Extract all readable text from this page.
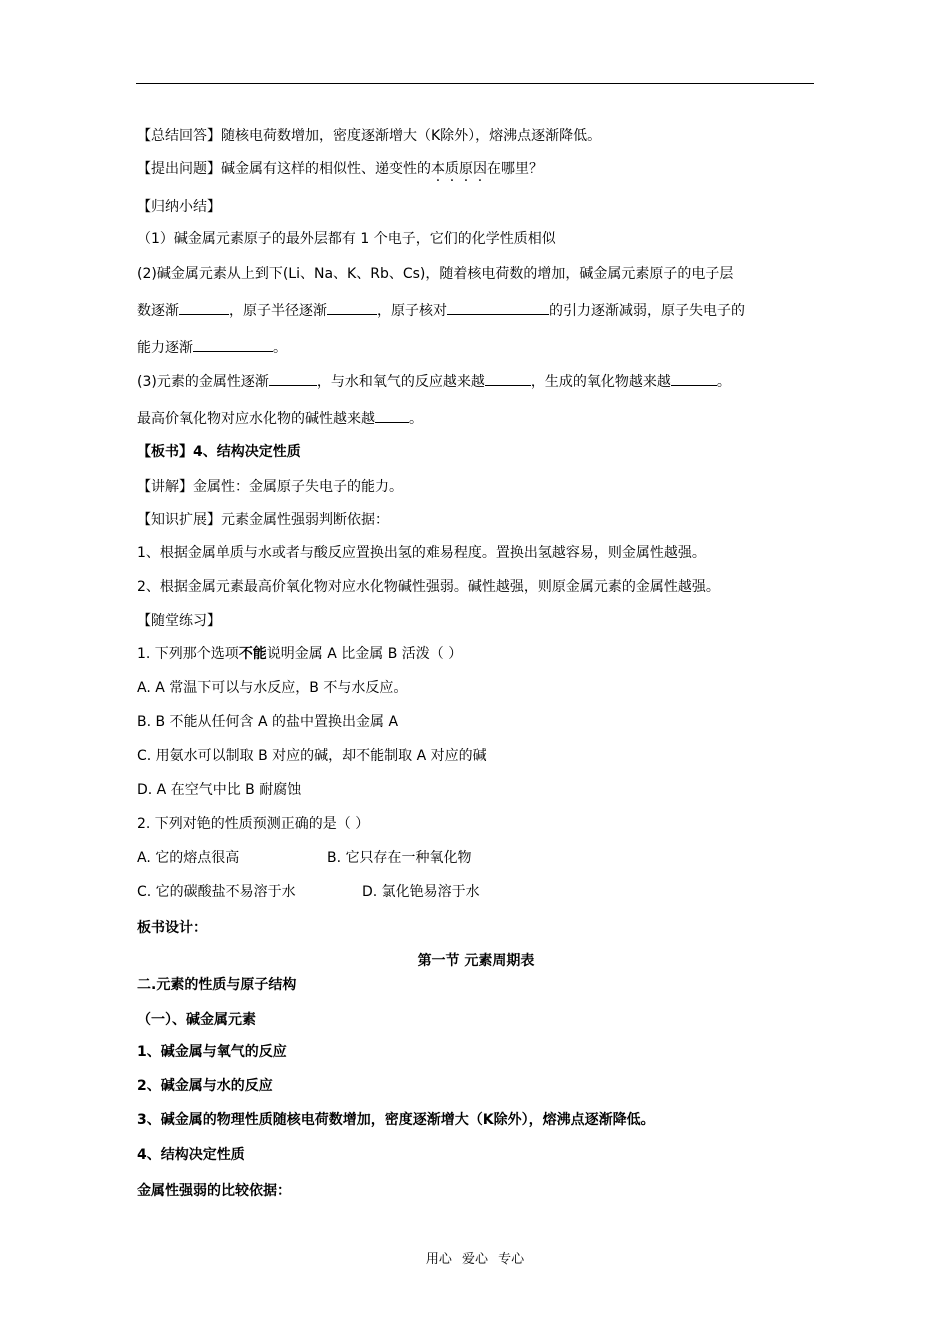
【总结回答】随核电荷数增加，密度逐渐增大（K除外），熔沸点逐渐降低。
【提出问题】碱金属有这样的相似性、递变性的本质原因在哪里？
【归纳小结】
（1）碱金属元素原子的最外层都有 1 个电子，它们的化学性质相似
(2)碱金属元素从上到下(Li、Na、K、Rb、Cs)，随着核电荷数的增加，碱金属元素原子的电子层
数逐渐	，原子半径逐渐	，原子核对	的引力逐渐减弱，原子失电子的
能力逐渐	。
(3)元素的金属性逐渐	，与水和氧气的反应越来越	，生成的氧化物越来越	。
最高价氧化物对应水化物的碱性越来越 。
【板书】4、结构决定性质
【讲解】金属性：金属原子失电子的能力。
【知识扩展】元素金属性强弱判断依据：
1、根据金属单质与水或者与酸反应置换出氢的难易程度。置换出氢越容易，则金属性越强。
2、根据金属元素最高价氧化物对应水化物碱性强弱。碱性越强，则原金属元素的金属性越强。
【随堂练习】
1. 下列那个选项不能说明金属 A 比金属 B 活泼（ ）
A. A 常温下可以与水反应，B 不与水反应。
B. B 不能从任何含 A 的盐中置换出金属 A
C. 用氨水可以制取 B 对应的碱，却不能制取 A 对应的碱
D. A 在空气中比 B 耐腐蚀
2. 下列对铯的性质预测正确的是（ ）
A. 它的熔点很高	B. 它只存在一种氧化物
C. 它的碳酸盐不易溶于水	D. 氯化铯易溶于水
板书设计：
第一节 元素周期表
二.元素的性质与原子结构
（一）、碱金属元素
1、碱金属与氧气的反应
2、碱金属与水的反应
3、碱金属的物理性质随核电荷数增加，密度逐渐增大（K除外），熔沸点逐渐降低。
4、结构决定性质
金属性强弱的比较依据：
用心 爱心 专心
